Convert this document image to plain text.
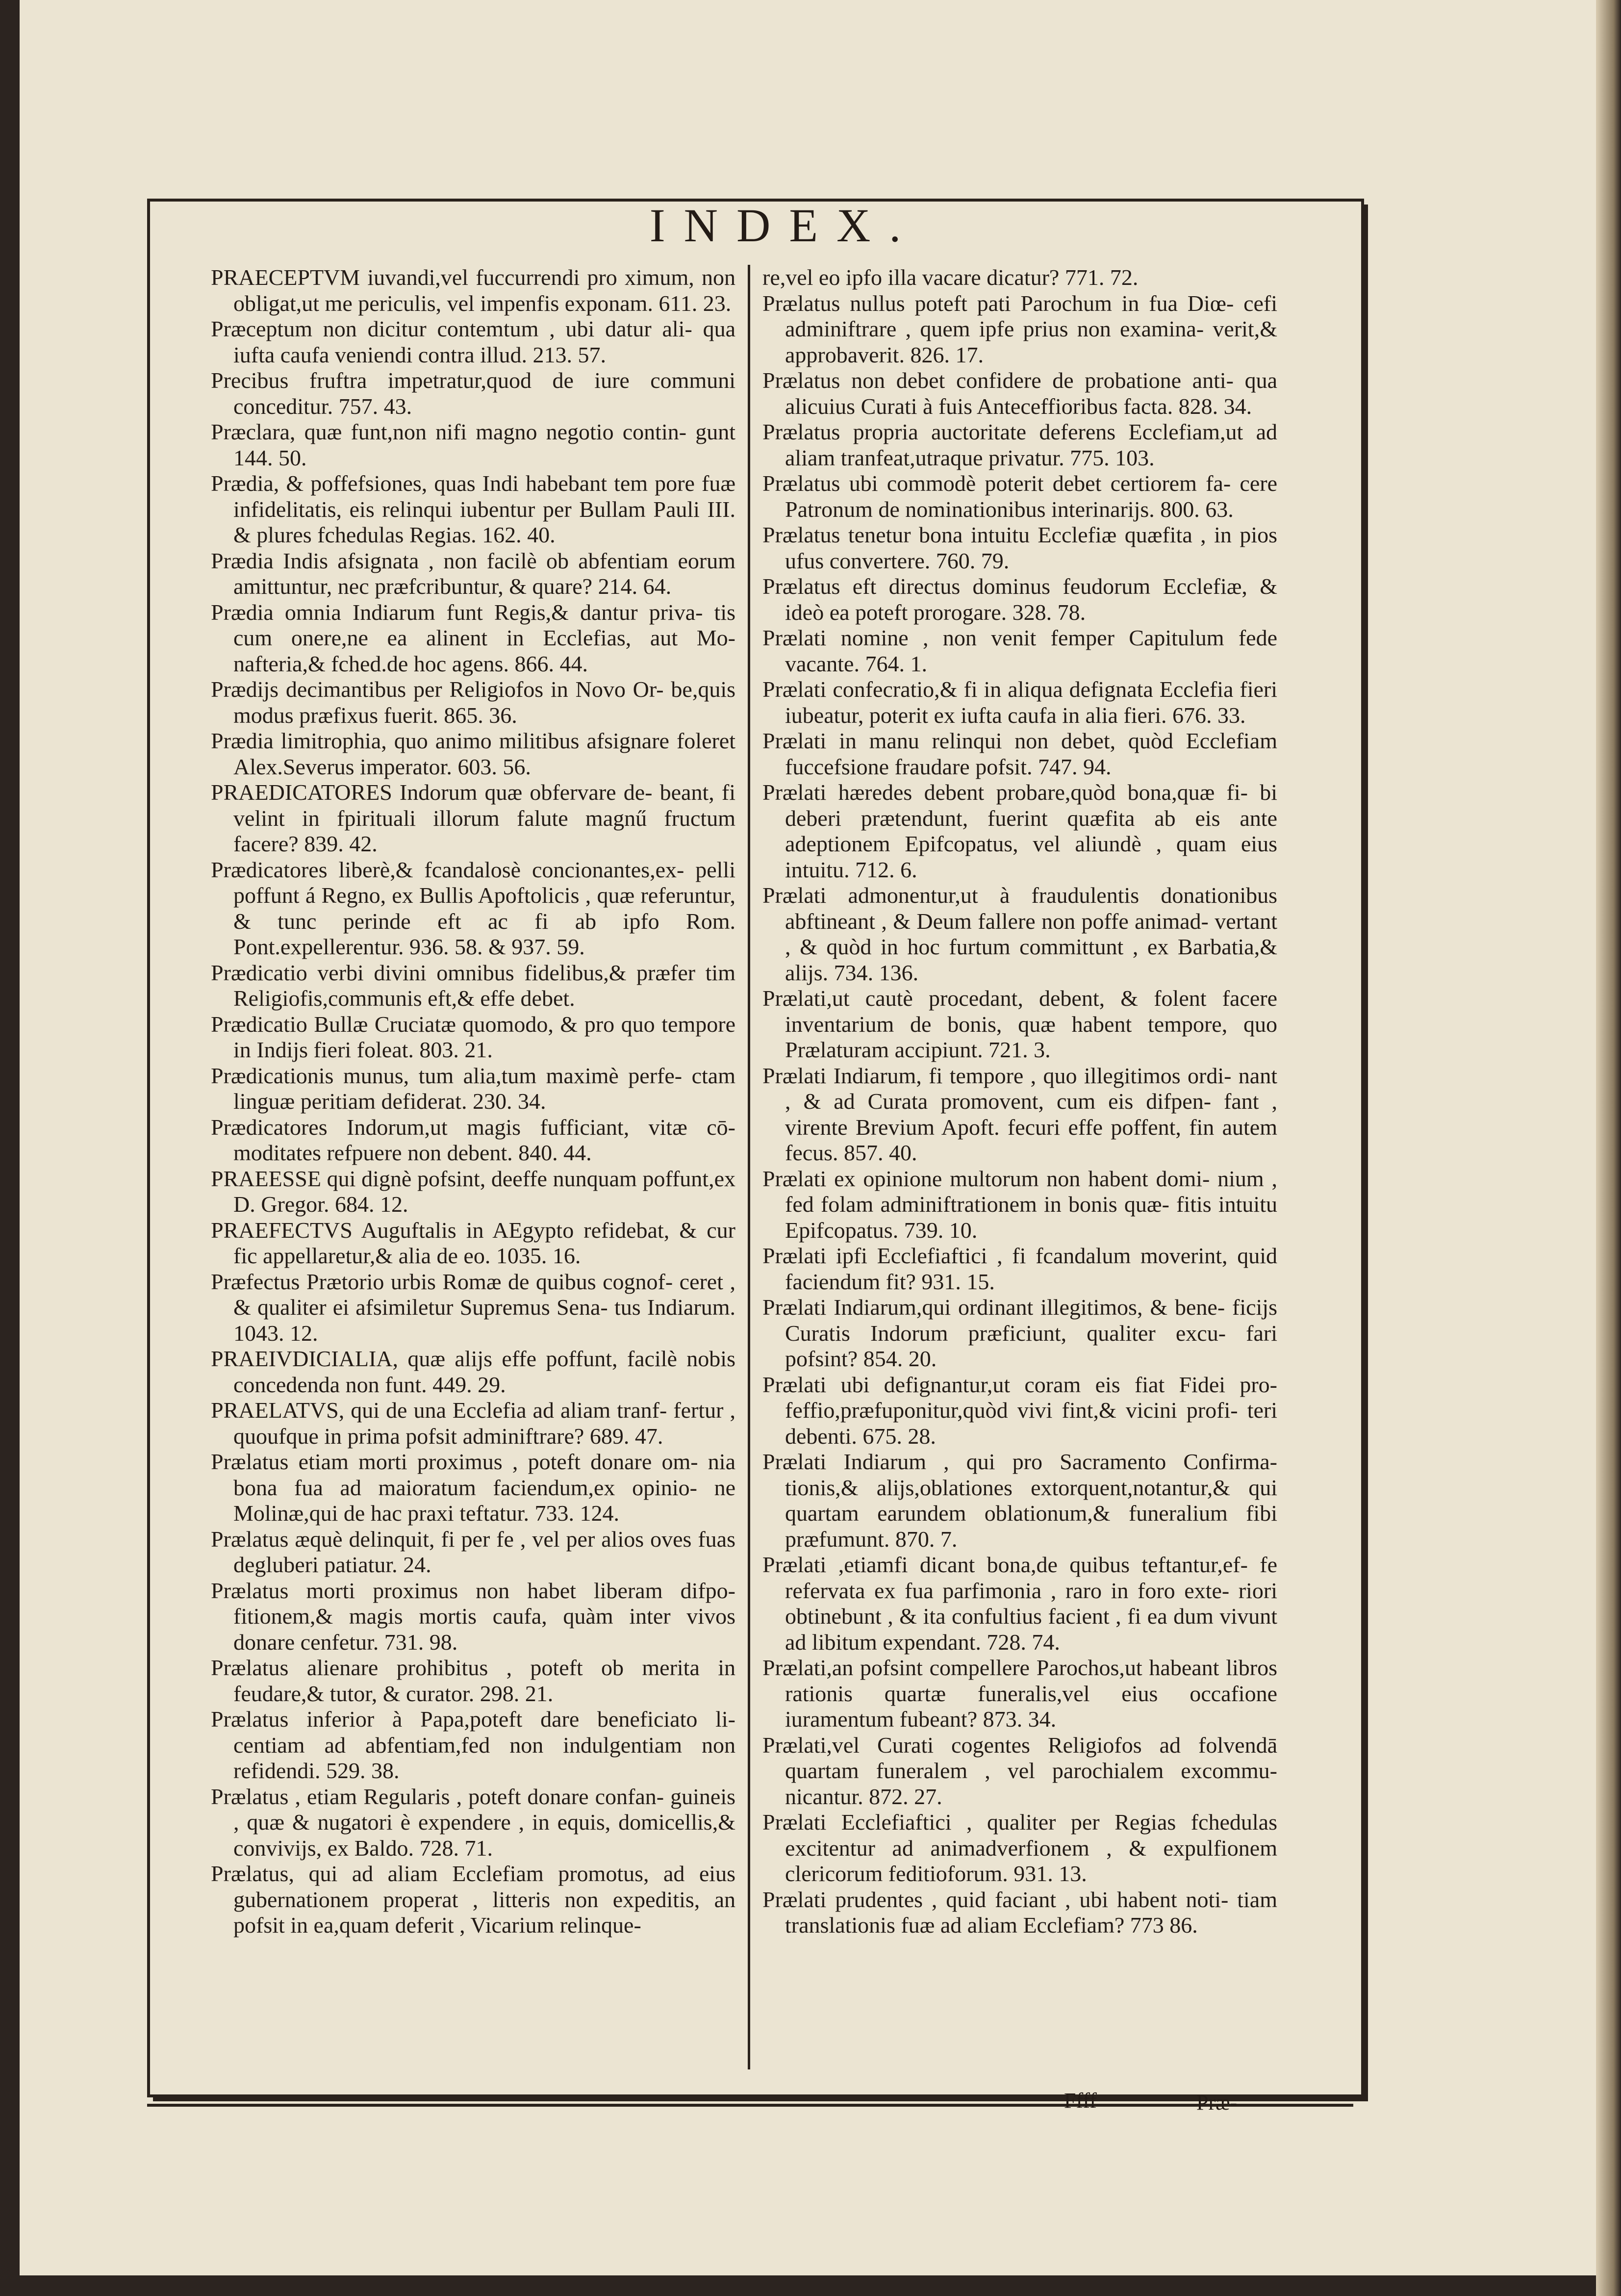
INDEX.

PRAECEPTVM iuvandi,vel fuccurrendi pro ximum, non obligat,ut me periculis, vel impenfis exponam. 611. 23.

Præceptum non dicitur contemtum , ubi datur ali- qua iufta caufa veniendi contra illud. 213. 57.

Precibus fruftra impetratur,quod de iure communi conceditur. 757. 43.

Præclara, quæ funt,non nifi magno negotio contin- gunt 144. 50.

Prædia, & poffefsiones, quas Indi habebant tem pore fuæ infidelitatis, eis relinqui iubentur per Bullam Pauli III. & plures fchedulas Regias. 162. 40.

Prædia Indis afsignata , non facilè ob abfentiam eorum amittuntur, nec præfcribuntur, & quare? 214. 64.

Prædia omnia Indiarum funt Regis,& dantur priva- tis cum onere,ne ea alinent in Ecclefias, aut Mo- nafteria,& fched.de hoc agens. 866. 44.

Prædijs decimantibus per Religiofos in Novo Or- be,quis modus præfixus fuerit. 865. 36.

Prædia limitrophia, quo animo militibus afsignare foleret Alex.Severus imperator. 603. 56.

PRAEDICATORES Indorum quæ obfervare de- beant, fi velint in fpirituali illorum falute magnű fructum facere? 839. 42.

Prædicatores liberè,& fcandalosè concionantes,ex- pelli poffunt á Regno, ex Bullis Apoftolicis , quæ referuntur, & tunc perinde eft ac fi ab ipfo Rom. Pont.expellerentur. 936. 58. & 937. 59.

Prædicatio verbi divini omnibus fidelibus,& præfer tim Religiofis,communis eft,& effe debet.

Prædicatio Bullæ Cruciatæ quomodo, & pro quo tempore in Indijs fieri foleat. 803. 21.

Prædicationis munus, tum alia,tum maximè perfe- ctam linguæ peritiam defiderat. 230. 34.

Prædicatores Indorum,ut magis fufficiant, vitæ cō- moditates refpuere non debent. 840. 44.

PRAEESSE qui dignè pofsint, deeffe nunquam poffunt,ex D. Gregor. 684. 12.

PRAEFECTVS Auguftalis in AEgypto refidebat, & cur fic appellaretur,& alia de eo. 1035. 16.

Præfectus Prætorio urbis Romæ de quibus cognof- ceret , & qualiter ei afsimiletur Supremus Sena- tus Indiarum. 1043. 12.

PRAEIVDICIALIA, quæ alijs effe poffunt, facilè nobis concedenda non funt. 449. 29.

PRAELATVS, qui de una Ecclefia ad aliam tranf- fertur , quoufque in prima pofsit adminiftrare? 689. 47.

Prælatus etiam morti proximus , poteft donare om- nia bona fua ad maioratum faciendum,ex opinio- ne Molinæ,qui de hac praxi teftatur. 733. 124.

Prælatus æquè delinquit, fi per fe , vel per alios oves fuas degluberi patiatur. 24.

Prælatus morti proximus non habet liberam difpo- fitionem,& magis mortis caufa, quàm inter vivos donare cenfetur. 731. 98.

Prælatus alienare prohibitus , poteft ob merita in feudare,& tutor, & curator. 298. 21.

Prælatus inferior à Papa,poteft dare beneficiato li- centiam ad abfentiam,fed non indulgentiam non refidendi. 529. 38.

Prælatus , etiam Regularis , poteft donare confan- guineis , quæ & nugatori è expendere , in equis, domicellis,& convivijs, ex Baldo. 728. 71.

Prælatus, qui ad aliam Ecclefiam promotus, ad eius gubernationem properat , litteris non expeditis, an pofsit in ea,quam deferit , Vicarium relinque-

re,vel eo ipfo illa vacare dicatur? 771. 72.

Prælatus nullus poteft pati Parochum in fua Diœ- cefi adminiftrare , quem ipfe prius non examina- verit,& approbaverit. 826. 17.

Prælatus non debet confidere de probatione anti- qua alicuius Curati à fuis Anteceffioribus facta. 828. 34.

Prælatus propria auctoritate deferens Ecclefiam,ut ad aliam tranfeat,utraque privatur. 775. 103.

Prælatus ubi commodè poterit debet certiorem fa- cere Patronum de nominationibus interinarijs. 800. 63.

Prælatus tenetur bona intuitu Ecclefiæ quæfita , in pios ufus convertere. 760. 79.

Prælatus eft directus dominus feudorum Ecclefiæ, & ideò ea poteft prorogare. 328. 78.

Prælati nomine , non venit femper Capitulum fede vacante. 764. 1.

Prælati confecratio,& fi in aliqua defignata Ecclefia fieri iubeatur, poterit ex iufta caufa in alia fieri. 676. 33.

Prælati in manu relinqui non debet, quòd Ecclefiam fuccefsione fraudare pofsit. 747. 94.

Prælati hæredes debent probare,quòd bona,quæ fi- bi deberi prætendunt, fuerint quæfita ab eis ante adeptionem Epifcopatus, vel aliundè , quam eius intuitu. 712. 6.

Prælati admonentur,ut à fraudulentis donationibus abftineant , & Deum fallere non poffe animad- vertant , & quòd in hoc furtum committunt , ex Barbatia,& alijs. 734. 136.

Prælati,ut cautè procedant, debent, & folent facere inventarium de bonis, quæ habent tempore, quo Prælaturam accipiunt. 721. 3.

Prælati Indiarum, fi tempore , quo illegitimos ordi- nant , & ad Curata promovent, cum eis difpen- fant , virente Brevium Apoft. fecuri effe poffent, fin autem fecus. 857. 40.

Prælati ex opinione multorum non habent domi- nium , fed folam adminiftrationem in bonis quæ- fitis intuitu Epifcopatus. 739. 10.

Prælati ipfi Ecclefiaftici , fi fcandalum moverint, quid faciendum fit? 931. 15.

Prælati Indiarum,qui ordinant illegitimos, & bene- ficijs Curatis Indorum præficiunt, qualiter excu- fari pofsint? 854. 20.

Prælati ubi defignantur,ut coram eis fiat Fidei pro- feffio,præfuponitur,quòd vivi fint,& vicini profi- teri debenti. 675. 28.

Prælati Indiarum , qui pro Sacramento Confirma- tionis,& alijs,oblationes extorquent,notantur,& qui quartam earundem oblationum,& funeralium fibi præfumunt. 870. 7.

Prælati ,etiamfi dicant bona,de quibus teftantur,ef- fe refervata ex fua parfimonia , raro in foro exte- riori obtinebunt , & ita confultius facient , fi ea dum vivunt ad libitum expendant. 728. 74.

Prælati,an pofsint compellere Parochos,ut habeant libros rationis quartæ funeralis,vel eius occafione iuramentum fubeant? 873. 34.

Prælati,vel Curati cogentes Religiofos ad folvendā quartam funeralem , vel parochialem excommu- nicantur. 872. 27.

Prælati Ecclefiaftici , qualiter per Regias fchedulas excitentur ad animadverfionem , & expulfionem clericorum feditioforum. 931. 13.

Prælati prudentes , quid faciant , ubi habent noti- tiam translationis fuæ ad aliam Ecclefiam? 773 86.

Ffff	Præ-
